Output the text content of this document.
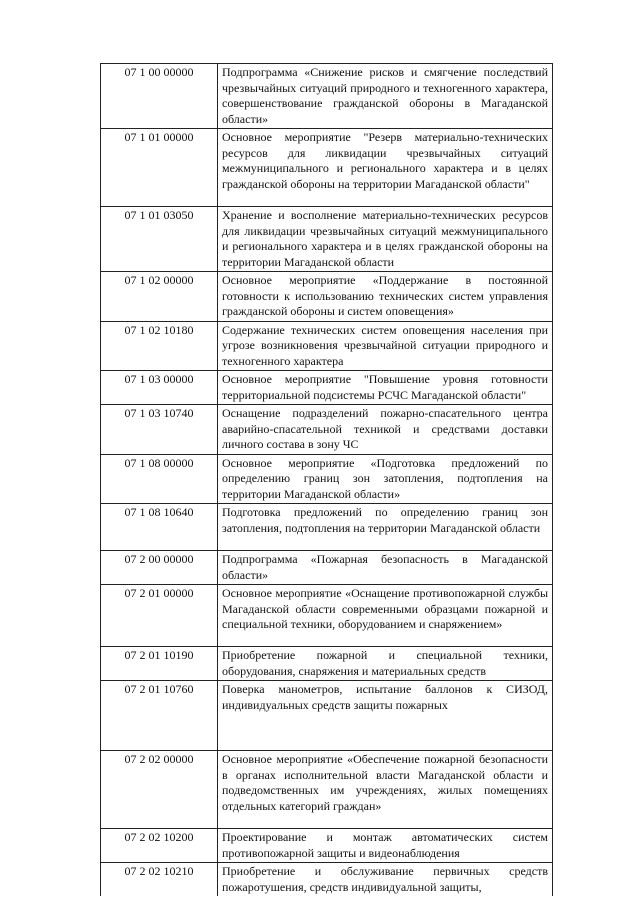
07 1 00 00000	Подпрограмма «Снижение рисков и смягчение последствий чрезвычайных ситуаций природного и техногенного характера, совершенствование гражданской обороны в Магаданской области»
07 1 01 00000	Основное мероприятие "Резерв материально-технических ресурсов для ликвидации чрезвычайных ситуаций межмуниципального и регионального характера и в целях гражданской обороны на территории Магаданской области"
07 1 01 03050	Хранение и восполнение материально-технических ресурсов для ликвидации чрезвычайных ситуаций межмуниципального и регионального характера и в целях гражданской обороны на территории Магаданской области
07 1 02 00000	Основное мероприятие «Поддержание в постоянной готовности к использованию технических систем управления гражданской обороны и систем оповещения»
07 1 02 10180	Содержание технических систем оповещения населения при угрозе возникновения чрезвычайной ситуации природного и техногенного характера
07 1 03 00000	Основное мероприятие "Повышение уровня готовности территориальной подсистемы РСЧС Магаданской области"
07 1 03 10740	Оснащение подразделений пожарно-спасательного центра аварийно-спасательной техникой и средствами доставки личного состава в зону ЧС
07 1 08 00000	Основное мероприятие «Подготовка предложений по определению границ зон затопления, подтопления на территории Магаданской области»
07 1 08 10640	Подготовка предложений по определению границ зон затопления, подтопления на территории Магаданской области
07 2 00 00000	Подпрограмма «Пожарная безопасность в Магаданской области»
07 2 01 00000	Основное мероприятие «Оснащение противопожарной службы Магаданской области современными образцами пожарной и специальной техники, оборудованием и снаряжением»
07 2 01 10190	Приобретение пожарной и специальной техники, оборудования, снаряжения и материальных средств
07 2 01 10760	Поверка манометров, испытание баллонов к СИЗОД, индивидуальных средств защиты пожарных
07 2 02 00000	Основное мероприятие «Обеспечение пожарной безопасности в органах исполнительной власти Магаданской области и подведомственных им учреждениях, жилых помещениях отдельных категорий граждан»
07 2 02 10200	Проектирование и монтаж автоматических систем противопожарной защиты и видеонаблюдения
07 2 02 10210	Приобретение и обслуживание первичных средств пожаротушения, средств индивидуальной защиты,
